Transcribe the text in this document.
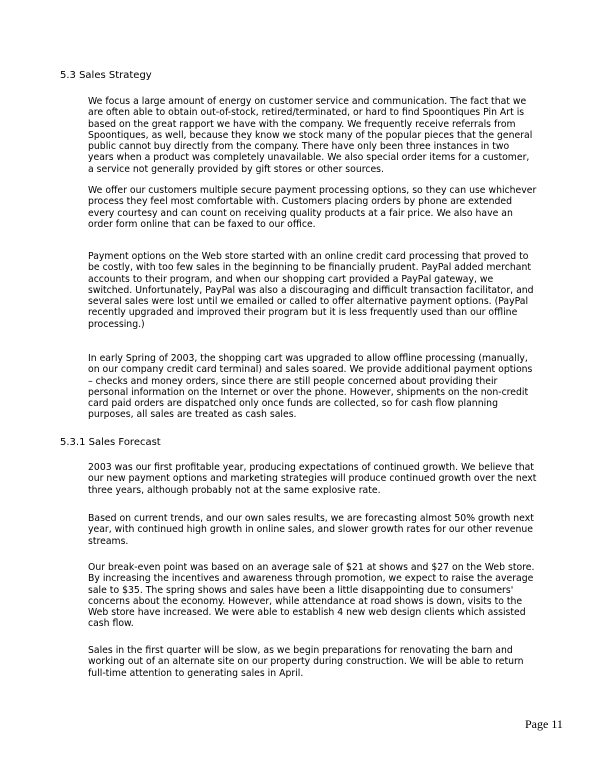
5.3 Sales Strategy
We focus a large amount of energy on customer service and communication. The fact that we
are often able to obtain out-of-stock, retired/terminated, or hard to find Spoontiques Pin Art is
based on the great rapport we have with the company. We frequently receive referrals from
Spoontiques, as well, because they know we stock many of the popular pieces that the general
public cannot buy directly from the company. There have only been three instances in two
years when a product was completely unavailable. We also special order items for a customer,
a service not generally provided by gift stores or other sources.
We offer our customers multiple secure payment processing options, so they can use whichever
process they feel most comfortable with. Customers placing orders by phone are extended
every courtesy and can count on receiving quality products at a fair price. We also have an
order form online that can be faxed to our office.
Payment options on the Web store started with an online credit card processing that proved to
be costly, with too few sales in the beginning to be financially prudent. PayPal added merchant
accounts to their program, and when our shopping cart provided a PayPal gateway, we
switched. Unfortunately, PayPal was also a discouraging and difficult transaction facilitator, and
several sales were lost until we emailed or called to offer alternative payment options. (PayPal
recently upgraded and improved their program but it is less frequently used than our offline
processing.)
In early Spring of 2003, the shopping cart was upgraded to allow offline processing (manually,
on our company credit card terminal) and sales soared. We provide additional payment options
– checks and money orders, since there are still people concerned about providing their
personal information on the Internet or over the phone. However, shipments on the non-credit
card paid orders are dispatched only once funds are collected, so for cash flow planning
purposes, all sales are treated as cash sales.
5.3.1 Sales Forecast
2003 was our first profitable year, producing expectations of continued growth. We believe that
our new payment options and marketing strategies will produce continued growth over the next
three years, although probably not at the same explosive rate.
Based on current trends, and our own sales results, we are forecasting almost 50% growth next
year, with continued high growth in online sales, and slower growth rates for our other revenue
streams.
Our break-even point was based on an average sale of $21 at shows and $27 on the Web store.
By increasing the incentives and awareness through promotion, we expect to raise the average
sale to $35. The spring shows and sales have been a little disappointing due to consumers'
concerns about the economy. However, while attendance at road shows is down, visits to the
Web store have increased. We were able to establish 4 new web design clients which assisted
cash flow.
Sales in the first quarter will be slow, as we begin preparations for renovating the barn and
working out of an alternate site on our property during construction. We will be able to return
full-time attention to generating sales in April.
Page 11
